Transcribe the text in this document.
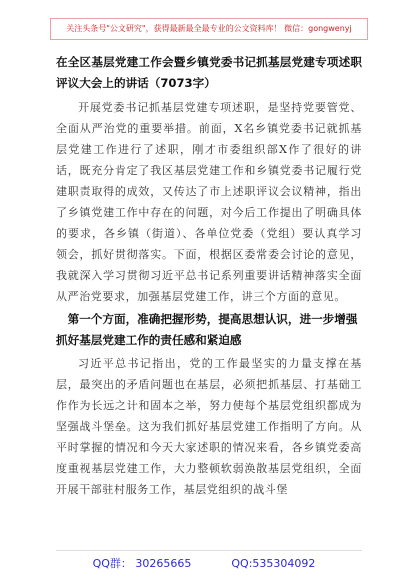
关注头条号"公文研究"，获得最新最全最专业的公文资料库！ 微信：gongwenyj

在全区基层党建工作会暨乡镇党委书记抓基层党建专项述职评议大会上的讲话（7073字）

开展党委书记抓基层党建专项述职，是坚持党要管党、全面从严治党的重要举措。前面，X名乡镇党委书记就抓基层党建工作进行了述职，刚才市委组织部X作了很好的讲话，既充分肯定了我区基层党建工作和乡镇党委书记履行党建职责取得的成效，又传达了市上述职评议会议精神，指出了乡镇党建工作中存在的问题，对今后工作提出了明确具体的要求，各乡镇（街道）、各单位党委（党组）要认真学习领会，抓好贯彻落实。下面，根据区委常委会讨论的意见，我就深入学习贯彻习近平总书记系列重要讲话精神落实全面从严治党要求，加强基层党建工作，讲三个方面的意见。

第一个方面，准确把握形势，提高思想认识，进一步增强抓好基层党建工作的责任感和紧迫感

习近平总书记指出，党的工作最坚实的力量支撑在基层，最突出的矛盾问题也在基层，必须把抓基层、打基础工作作为长远之计和固本之举，努力使每个基层党组织都成为坚强战斗堡垒。这为我们抓好基层党建工作指明了方向。从平时掌握的情况和今天大家述职的情况来看，各乡镇党委高度重视基层党建工作，大力整顿软弱涣散基层党组织，全面开展干部驻村服务工作，基层党组织的战斗堡

QQ群： 30265665	QQ:535304092
